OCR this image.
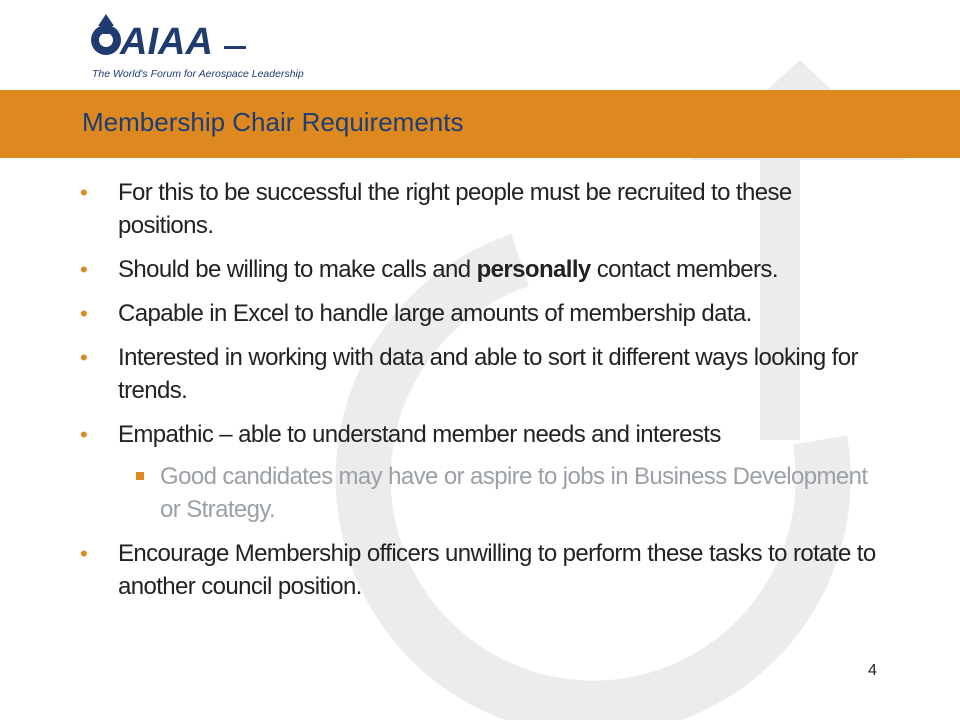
AIAA
The World's Forum for Aerospace Leadership
Membership Chair Requirements
• For this to be successful the right people must be recruited to these positions.
• Should be willing to make calls and personally contact members.
• Capable in Excel to handle large amounts of membership data.
• Interested in working with data and able to sort it different ways looking for trends.
• Empathic – able to understand member needs and interests
Good candidates may have or aspire to jobs in Business Development or Strategy.
• Encourage Membership officers unwilling to perform these tasks to rotate to another council position.
4
